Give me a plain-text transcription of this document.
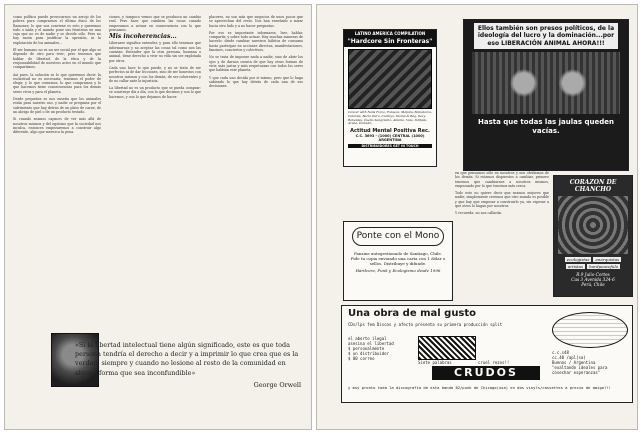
como política puede provocarnos un arrojo de los pobres para comprarnos el último disco de los Ramones; lo que nos conviene es esto y queremos todo o nada y el mundo pone sus fronteras en una caja que no es de nadie y se decide sólo. Pero no hay razón para justificar la opresión, ni la explotación de los animales...

El ser humano no es un ser social por el que algo se depende de otro para vivir; pero tenemos que hablar de libertad, de la ética y de la responsabilidad de nuestros actos en el mundo que compartimos.

Así pues, la solución es lo que queremos decir: la esclavitud no es necesaria; tenemos el poder de elegir, y lo que comemos, lo que compramos y lo que hacemos tiene consecuencias para los demás seres vivos y para el planeta.

Desde pequeños se nos enseña que los animales están para nuestro uso, y nadie se pregunta por el sufrimiento que hay detrás de un plato de carne, de un abrigo de piel o de un producto testado.

Si cuando seamos capaces de ver más allá de nosotros mismos y del egoísmo que la sociedad nos inculca, entonces empezaremos a construir algo diferente, algo que merezca la pena.

ciones, y tampoco vemos que se produzca un cambio real. Pero hace que cambien las cosas cuando empezamos a actuar en consecuencia con lo que pensamos.

Mis incoherencias...

Liberarse significa entender, y para ello tenemos que informarnos y no aceptar las cosas tal como nos las cuentan. Entender que la otra persona, humana o animal, tiene derecho a vivir su vida sin ser explotada por otros.

Cada uno hace lo que puede, y no se trata de ser perfectos ni de dar lecciones, sino de ser honestos con nosotros mismos y con los demás, de ser coherentes y de no callar ante la injusticia.

La libertad no es un producto que se pueda comprar: se construye día a día, con lo que decimos y con lo que hacemos, y con lo que dejamos de hacer.

placeres, no son más que negocios de unos pocos que se aprovechan del resto. Nos han enseñado a mirar hacia otro lado y a no hacer preguntas.

Por eso es importante informarse, leer, hablar, compartir, y sobre todo actuar. Hay muchas maneras de hacerlo: desde cambiar nuestros hábitos de consumo hasta participar en acciones directas, manifestaciones, fanzines, conciertos y colectivos.

No se trata de imponer nada a nadie, sino de abrir los ojos y de darnos cuenta de que hay otras formas de vivir, más justas y más respetuosas con todos los seres que habitan este planeta.

Y que cada uno decida por sí mismo, pero que lo haga sabiendo lo que hay detrás de cada una de sus decisiones.

«Si la libertad intelectual tiene algún significado, este es que toda persona tendría el derecho a decir y a imprimir lo que crea que es la verdad, siempre y cuando no lesione al resto de la comunidad en alguna forma que sea inconfundible»
George Orwell
LATINO AMERICA COMPILATION
"Hardcore Sin Fronteras"
Cancer with Nails Force, Fonseca, Mafada, Mataderos, Catarsis, Barra Dura, Cuchiya, Stomp & Bag, Sexy, Rebeldes, Cuello Sangriento, Atlanta, Vale, Intifada, Aruba, Parasito
Actitud Mental Positiva Rec.
C.C. 3693 - (1000) CENTRAL (1000) ARGENTINA
DISTRIBUIDORES GET IN TOUCH
Ellos también son presos políticos, de la ideología del lucro y la dominación...por eso LIBERACIÓN ANIMAL AHORA!!!
Hasta que todas las jaulas queden vacías.
Ponte con el Mono
Fanzine autogestionado de Santiago, Chile. Pide tu copia enviando una carta con 1 dólar o sellos. Distribuye y difunde.
Hardcore, Punk y Ecologismo desde 1996

en que pensamos sólo en nosotros y nos olvidamos de los demás. Si estamos dispuestos a cambiar, primero tenemos que cambiarnos a nosotros mismos, empezando por lo que tenemos más cerca.

Todo esto no quiere decir que seamos mejores que nadie; simplemente creemos que otro mundo es posible y que hay que empezar a construirlo ya, sin esperar a que otros lo hagan por nosotros.

Y recuerda: no nos callarán.

CORAZON DE CHANCHO
ecologistas	anarquistas
artistas	hardpeacefulo
R.9 Julio Cortes
Cas 3 Avenida 324-6
Perú, Chile
Una obra de mal gusto
CDs/lps fem Discos y afecto presenta su primera producción split
el aborto ilegal
asesina el libertad
$ personalmente
$ un distribuidor
$ 80 correo
Siete palabras	cruel rezos!!
CRUDOS
c.c.s48
cc.48 /apl(sa)
Buenos / Argentina
"exaltando ideales para cosechar esperanzas"
y muy pronto toda la discografía de esta banda 82/punk de Chicago(usa) en dos vinyls/cassettes a precio de amigo!!!
